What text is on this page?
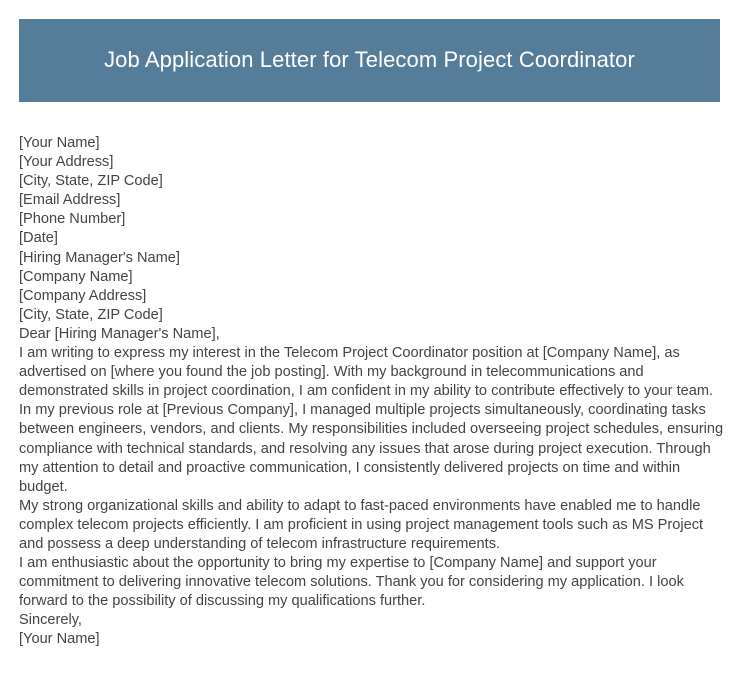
Job Application Letter for Telecom Project Coordinator
[Your Name]
[Your Address]
[City, State, ZIP Code]
[Email Address]
[Phone Number]
[Date]
[Hiring Manager's Name]
[Company Name]
[Company Address]
[City, State, ZIP Code]
Dear [Hiring Manager's Name],
I am writing to express my interest in the Telecom Project Coordinator position at [Company Name], as advertised on [where you found the job posting]. With my background in telecommunications and demonstrated skills in project coordination, I am confident in my ability to contribute effectively to your team.
In my previous role at [Previous Company], I managed multiple projects simultaneously, coordinating tasks between engineers, vendors, and clients. My responsibilities included overseeing project schedules, ensuring compliance with technical standards, and resolving any issues that arose during project execution. Through my attention to detail and proactive communication, I consistently delivered projects on time and within budget.
My strong organizational skills and ability to adapt to fast-paced environments have enabled me to handle complex telecom projects efficiently. I am proficient in using project management tools such as MS Project and possess a deep understanding of telecom infrastructure requirements.
I am enthusiastic about the opportunity to bring my expertise to [Company Name] and support your commitment to delivering innovative telecom solutions. Thank you for considering my application. I look forward to the possibility of discussing my qualifications further.
Sincerely,
[Your Name]
